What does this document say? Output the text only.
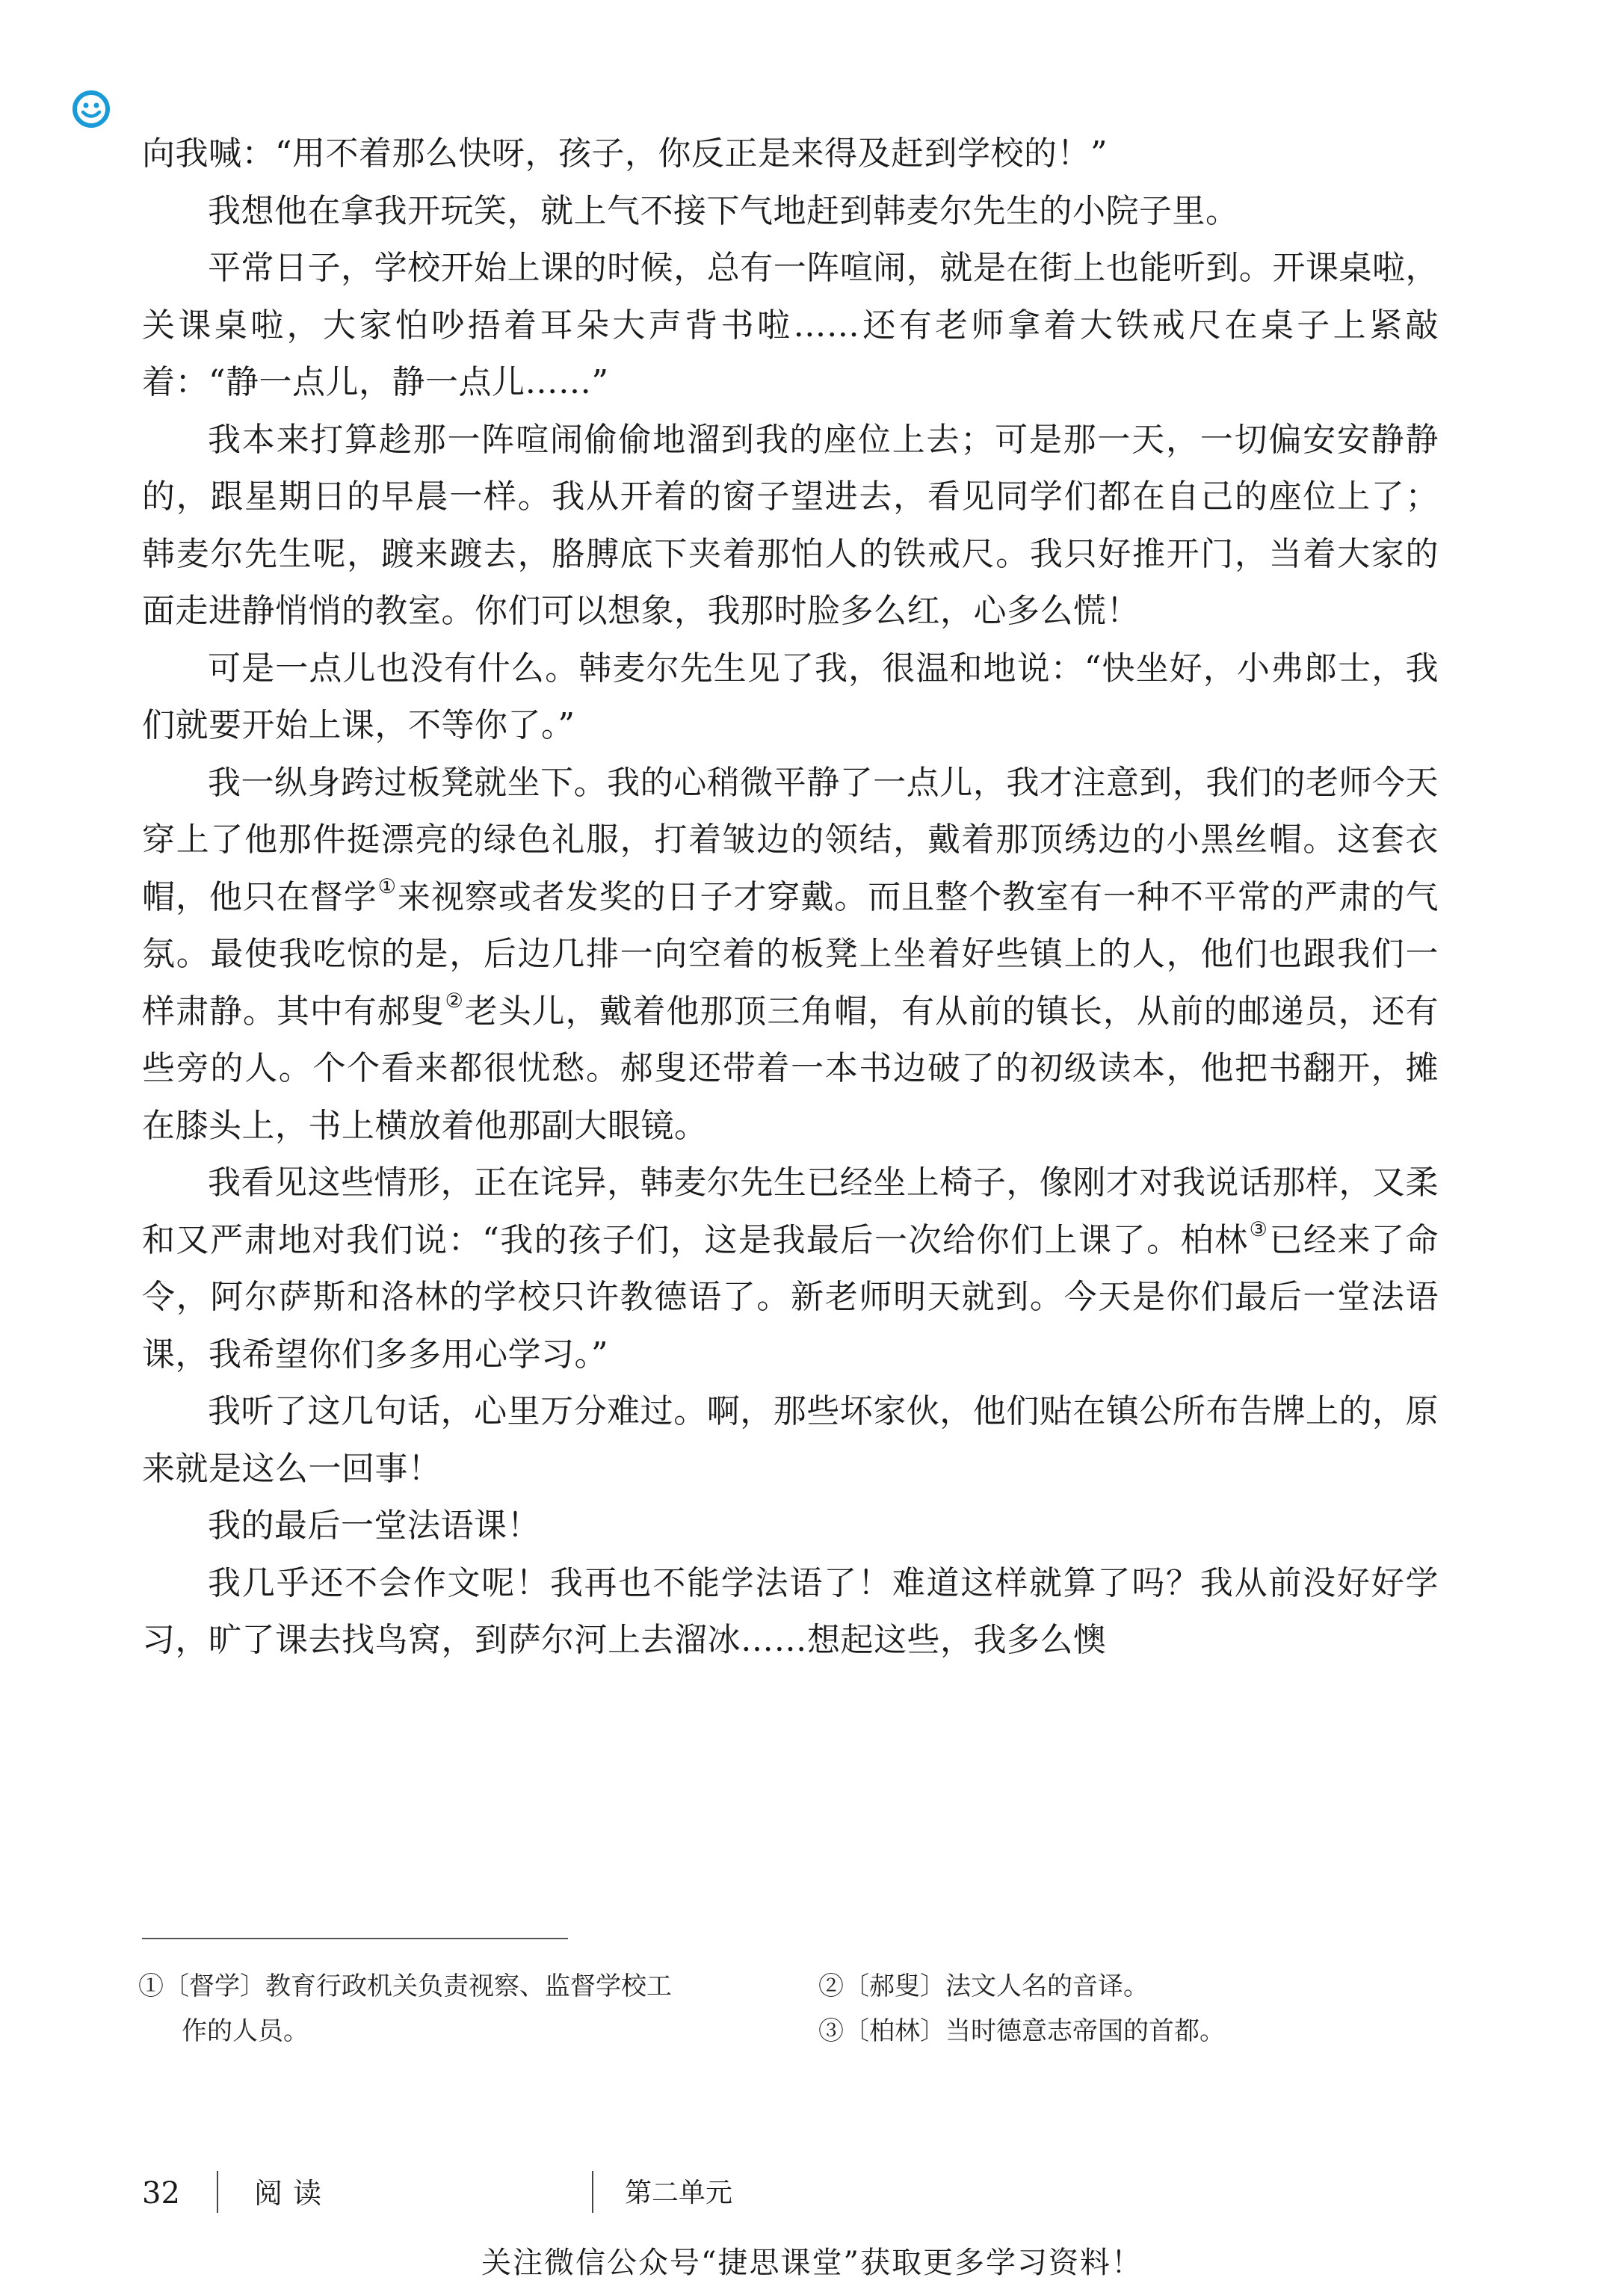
向我喊：“用不着那么快呀，孩子，你反正是来得及赶到学校的！”

我想他在拿我开玩笑，就上气不接下气地赶到韩麦尔先生的小院子里。

平常日子，学校开始上课的时候，总有一阵喧闹，就是在街上也能听到。开课桌啦，关课桌啦，大家怕吵捂着耳朵大声背书啦……还有老师拿着大铁戒尺在桌子上紧敲着：“静一点儿，静一点儿……”

我本来打算趁那一阵喧闹偷偷地溜到我的座位上去；可是那一天，一切偏安安静静的，跟星期日的早晨一样。我从开着的窗子望进去，看见同学们都在自己的座位上了；韩麦尔先生呢，踱来踱去，胳膊底下夹着那怕人的铁戒尺。我只好推开门，当着大家的面走进静悄悄的教室。你们可以想象，我那时脸多么红，心多么慌！

可是一点儿也没有什么。韩麦尔先生见了我，很温和地说：“快坐好，小弗郎士，我们就要开始上课，不等你了。”

我一纵身跨过板凳就坐下。我的心稍微平静了一点儿，我才注意到，我们的老师今天穿上了他那件挺漂亮的绿色礼服，打着皱边的领结，戴着那顶绣边的小黑丝帽。这套衣帽，他只在督学①来视察或者发奖的日子才穿戴。而且整个教室有一种不平常的严肃的气氛。最使我吃惊的是，后边几排一向空着的板凳上坐着好些镇上的人，他们也跟我们一样肃静。其中有郝叟②老头儿，戴着他那顶三角帽，有从前的镇长，从前的邮递员，还有些旁的人。个个看来都很忧愁。郝叟还带着一本书边破了的初级读本，他把书翻开，摊在膝头上，书上横放着他那副大眼镜。

我看见这些情形，正在诧异，韩麦尔先生已经坐上椅子，像刚才对我说话那样，又柔和又严肃地对我们说：“我的孩子们，这是我最后一次给你们上课了。柏林③已经来了命令，阿尔萨斯和洛林的学校只许教德语了。新老师明天就到。今天是你们最后一堂法语课，我希望你们多多用心学习。”

我听了这几句话，心里万分难过。啊，那些坏家伙，他们贴在镇公所布告牌上的，原来就是这么一回事！

我的最后一堂法语课！

我几乎还不会作文呢！我再也不能学法语了！难道这样就算了吗？我从前没好好学习，旷了课去找鸟窝，到萨尔河上去溜冰……想起这些，我多么懊

①〔督学〕教育行政机关负责视察、监督学校工
作的人员。
②〔郝叟〕法文人名的音译。
③〔柏林〕当时德意志帝国的首都。
32	阅读	第二单元
关注微信公众号“捷思课堂”获取更多学习资料！
